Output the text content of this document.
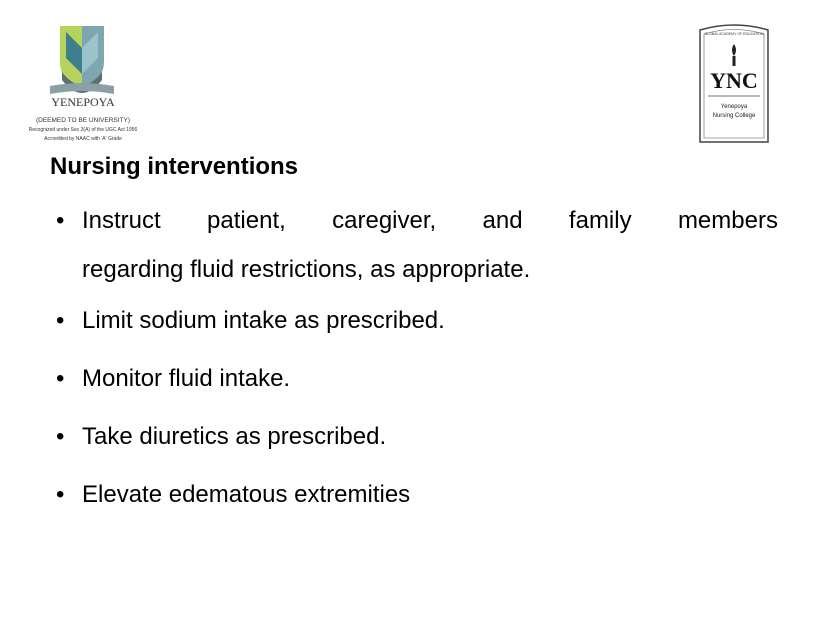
YENEPOYA
(DEEMED TO BE UNIVERSITY)
Recognized under Sec 3(A) of the UGC Act 1956
Accredited by NAAC with 'A' Grade
GLOBAL ACADEMY OF EDUCATION
YNC
Yenepoya
Nursing College
Nursing interventions
• Instruct patient, caregiver, and family members
regarding fluid restrictions, as appropriate.
• Limit sodium intake as prescribed.
• Monitor fluid intake.
• Take diuretics as prescribed.
• Elevate edematous extremities
